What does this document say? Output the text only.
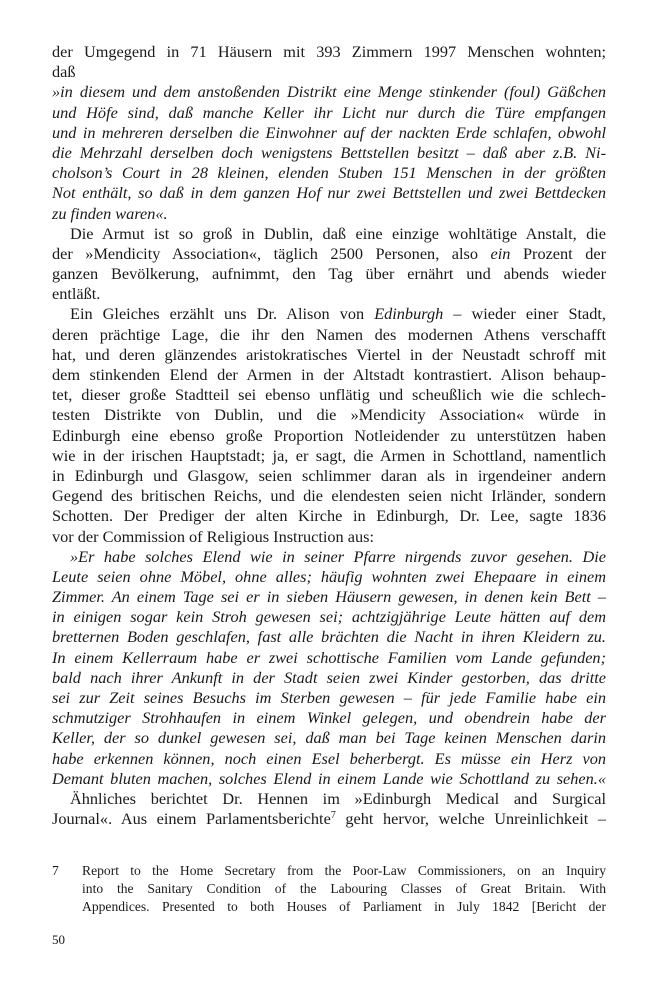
der Umgegend in 71 Häusern mit 393 Zimmern 1997 Menschen wohnten;
daß
»in diesem und dem anstoßenden Distrikt eine Menge stinkender (foul) Gäßchen
und Höfe sind, daß manche Keller ihr Licht nur durch die Türe empfangen
und in mehreren derselben die Einwohner auf der nackten Erde schlafen, obwohl
die Mehrzahl derselben doch wenigstens Bettstellen besitzt – daß aber z.B. Ni-
cholson’s Court in 28 kleinen, elenden Stuben 151 Menschen in der größten
Not enthält, so daß in dem ganzen Hof nur zwei Bettstellen und zwei Bettdecken
zu finden waren«.
Die Armut ist so groß in Dublin, daß eine einzige wohltätige Anstalt, die
der »Mendicity Association«, täglich 2500 Personen, also ein Prozent der
ganzen Bevölkerung, aufnimmt, den Tag über ernährt und abends wieder
entläßt.
Ein Gleiches erzählt uns Dr. Alison von Edinburgh – wieder einer Stadt,
deren prächtige Lage, die ihr den Namen des modernen Athens verschafft
hat, und deren glänzendes aristokratisches Viertel in der Neustadt schroff mit
dem stinkenden Elend der Armen in der Altstadt kontrastiert. Alison behaup-
tet, dieser große Stadtteil sei ebenso unflätig und scheußlich wie die schlech-
testen Distrikte von Dublin, und die »Mendicity Association« würde in
Edinburgh eine ebenso große Proportion Notleidender zu unterstützen haben
wie in der irischen Hauptstadt; ja, er sagt, die Armen in Schottland, namentlich
in Edinburgh und Glasgow, seien schlimmer daran als in irgendeiner andern
Gegend des britischen Reichs, und die elendesten seien nicht Irländer, sondern
Schotten. Der Prediger der alten Kirche in Edinburgh, Dr. Lee, sagte 1836
vor der Commission of Religious Instruction aus:
»Er habe solches Elend wie in seiner Pfarre nirgends zuvor gesehen. Die
Leute seien ohne Möbel, ohne alles; häufig wohnten zwei Ehepaare in einem
Zimmer. An einem Tage sei er in sieben Häusern gewesen, in denen kein Bett –
in einigen sogar kein Stroh gewesen sei; achtzigjährige Leute hätten auf dem
bretternen Boden geschlafen, fast alle brächten die Nacht in ihren Kleidern zu.
In einem Kellerraum habe er zwei schottische Familien vom Lande gefunden;
bald nach ihrer Ankunft in der Stadt seien zwei Kinder gestorben, das dritte
sei zur Zeit seines Besuchs im Sterben gewesen – für jede Familie habe ein
schmutziger Strohhaufen in einem Winkel gelegen, und obendrein habe der
Keller, der so dunkel gewesen sei, daß man bei Tage keinen Menschen darin
habe erkennen können, noch einen Esel beherbergt. Es müsse ein Herz von
Demant bluten machen, solches Elend in einem Lande wie Schottland zu sehen.«
Ähnliches berichtet Dr. Hennen im »Edinburgh Medical and Surgical
Journal«. Aus einem Parlamentsberichte$^7$ geht hervor, welche Unreinlichkeit –
7	Report to the Home Secretary from the Poor-Law Commissioners, on an Inquiry
into the Sanitary Condition of the Labouring Classes of Great Britain. With
Appendices. Presented to both Houses of Parliament in July 1842 [Bericht der
50
